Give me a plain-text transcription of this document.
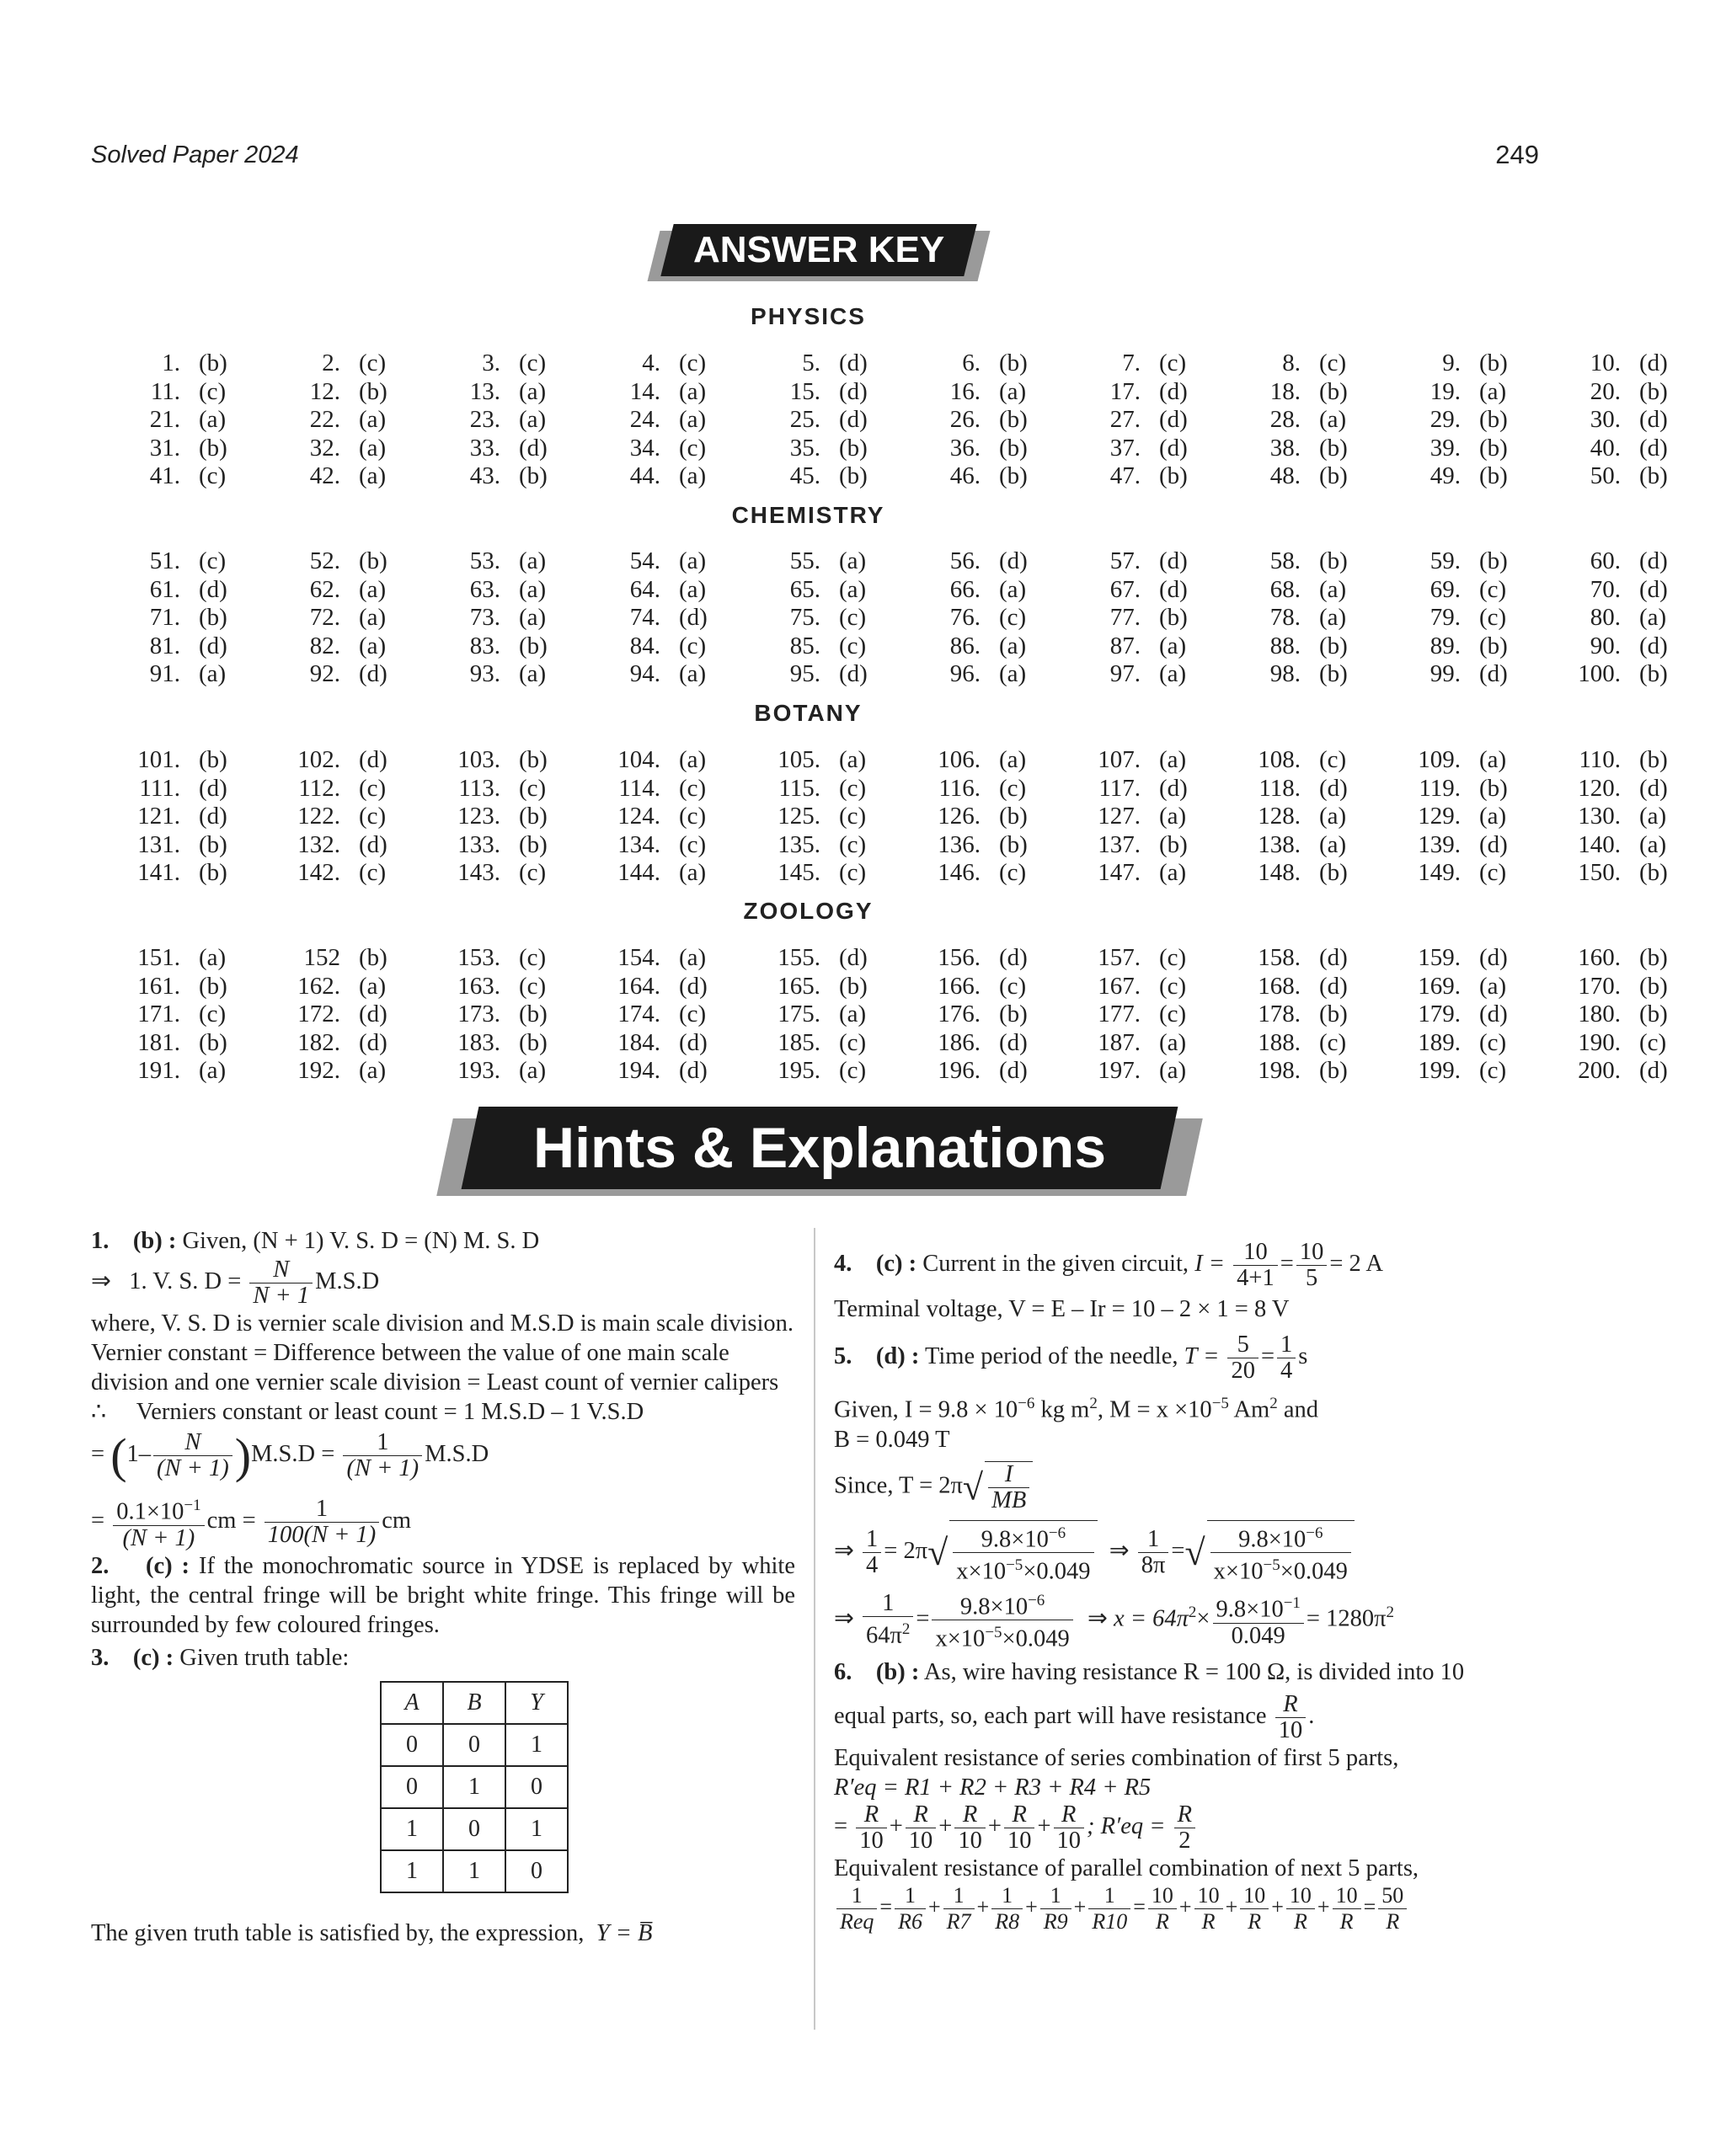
Solved Paper 2024	249
ANSWER KEY
PHYSICS
CHEMISTRY
BOTANY
ZOOLOGY
1.	(b)	2.	(c)	3.	(c)	4.	(c)	5.	(d)	6.	(b)	7.	(c)	8.	(c)	9.	(b)	10.	(d)
11.	(c)	12.	(b)	13.	(a)	14.	(a)	15.	(d)	16.	(a)	17.	(d)	18.	(b)	19.	(a)	20.	(b)
21.	(a)	22.	(a)	23.	(a)	24.	(a)	25.	(d)	26.	(b)	27.	(d)	28.	(a)	29.	(b)	30.	(d)
31.	(b)	32.	(a)	33.	(d)	34.	(c)	35.	(b)	36.	(b)	37.	(d)	38.	(b)	39.	(b)	40.	(d)
41.	(c)	42.	(a)	43.	(b)	44.	(a)	45.	(b)	46.	(b)	47.	(b)	48.	(b)	49.	(b)	50.	(b)
51.	(c)	52.	(b)	53.	(a)	54.	(a)	55.	(a)	56.	(d)	57.	(d)	58.	(b)	59.	(b)	60.	(d)
61.	(d)	62.	(a)	63.	(a)	64.	(a)	65.	(a)	66.	(a)	67.	(d)	68.	(a)	69.	(c)	70.	(d)
71.	(b)	72.	(a)	73.	(a)	74.	(d)	75.	(c)	76.	(c)	77.	(b)	78.	(a)	79.	(c)	80.	(a)
81.	(d)	82.	(a)	83.	(b)	84.	(c)	85.	(c)	86.	(a)	87.	(a)	88.	(b)	89.	(b)	90.	(d)
91.	(a)	92.	(d)	93.	(a)	94.	(a)	95.	(d)	96.	(a)	97.	(a)	98.	(b)	99.	(d)	100.	(b)
101.	(b)	102.	(d)	103.	(b)	104.	(a)	105.	(a)	106.	(a)	107.	(a)	108.	(c)	109.	(a)	110.	(b)
111.	(d)	112.	(c)	113.	(c)	114.	(c)	115.	(c)	116.	(c)	117.	(d)	118.	(d)	119.	(b)	120.	(d)
121.	(d)	122.	(c)	123.	(b)	124.	(c)	125.	(c)	126.	(b)	127.	(a)	128.	(a)	129.	(a)	130.	(a)
131.	(b)	132.	(d)	133.	(b)	134.	(c)	135.	(c)	136.	(b)	137.	(b)	138.	(a)	139.	(d)	140.	(a)
141.	(b)	142.	(c)	143.	(c)	144.	(a)	145.	(c)	146.	(c)	147.	(a)	148.	(b)	149.	(c)	150.	(b)
151.	(a)	152	(b)	153.	(c)	154.	(a)	155.	(d)	156.	(d)	157.	(c)	158.	(d)	159.	(d)	160.	(b)
161.	(b)	162.	(a)	163.	(c)	164.	(d)	165.	(b)	166.	(c)	167.	(c)	168.	(d)	169.	(a)	170.	(b)
171.	(c)	172.	(d)	173.	(b)	174.	(c)	175.	(a)	176.	(b)	177.	(c)	178.	(b)	179.	(d)	180.	(b)
181.	(b)	182.	(d)	183.	(b)	184.	(d)	185.	(c)	186.	(d)	187.	(a)	188.	(c)	189.	(c)	190.	(c)
191.	(a)	192.	(a)	193.	(a)	194.	(d)	195.	(c)	196.	(d)	197.	(a)	198.	(b)	199.	(c)	200.	(d)
Hints & Explanations

1. (b) : Given, (N + 1) V. S. D = (N) M. S. D

⇒   1. V. S. $D = \frac{N}{N + 1} M.S.D$

where, V. S. D is vernier scale division and M.S.D is main scale division.

Vernier constant = Difference between the value of one main scale division and one vernier scale division = Least count of vernier calipers

∴     Verniers constant or least count = 1 M.S.D – 1 V.S.D

= $(1- \frac{N}{(N + 1)} )M.S.D = \frac{1}{(N + 1)} M.S.D$

= $\frac{0.1\times 10^{-1}}{(N + 1)}$ cm = $\frac{1}{100(N + 1)}$ cm

2. (c) : If the monochromatic source in YDSE is replaced by white light, the central fringe will be bright white fringe. This fringe will be surrounded by few coloured fringes.

3. (c) : Given truth table:

A	B	Y
0	0	1
0	1	0
1	0	1
1	1	0

The given truth table is satisfied by, the expression, Y = B̅

4. (c) : Current in the given circuit, $I = \frac{10}{4+1} = \frac{10}{5} = 2$ A

Terminal voltage, V = E – Ir = 10 – 2 × 1 = 8 V

5. (d) : Time period of the needle, $T = \frac{5}{20} = \frac{1}{4}$ s

Given, $I = 9.8 \times 10^{-6}$ kg $m^2$, $M = x \times 10^{-5}$ Am$^2$ and

B = 0.049 T

Since, $T = 2\pi√ \frac{I}{MB}$

⇒ $\frac{1}{4} = 2\pi√ \frac{9.8\times 10^{-6}}{x\times 10^{-5}\times 0.049}$ ⇒ $\frac{1}{8\pi}$ =√ $\frac{9.8\times 10^{-6}}{x\times 10^{-5}\times 0.049}$

⇒ $\frac{1}{64\pi^2} = \frac{9.8\times 10^{-6}}{x\times 10^{-5}\times 0.049}$ ⇒ $x = 64\pi^2\times \frac{9.8\times 10^{-1}}{0.049} = 1280\pi^2$

6. (b) : As, wire having resistance R = 100 Ω, is divided into 10

equal parts, so, each part will have resistance $\frac{R}{10}$ .

Equivalent resistance of series combination of first 5 parts,

R′eq = R1 + R2 + R3 + R4 + R5

= $\frac{R}{10} + \frac{R}{10} + \frac{R}{10} + \frac{R}{10} + \frac{R}{10}$ ; $R'eq = \frac{R}{2}$

Equivalent resistance of parallel combination of next 5 parts,

$\frac{1}{\text{Req}} = \frac{1}{R6} + \frac{1}{R7} + \frac{1}{R8} + \frac{1}{R9} + \frac{1}{R10} = \frac{10}{R} + \frac{10}{R} + \frac{10}{R} + \frac{10}{R} + \frac{10}{R} = \frac{50}{R}$
